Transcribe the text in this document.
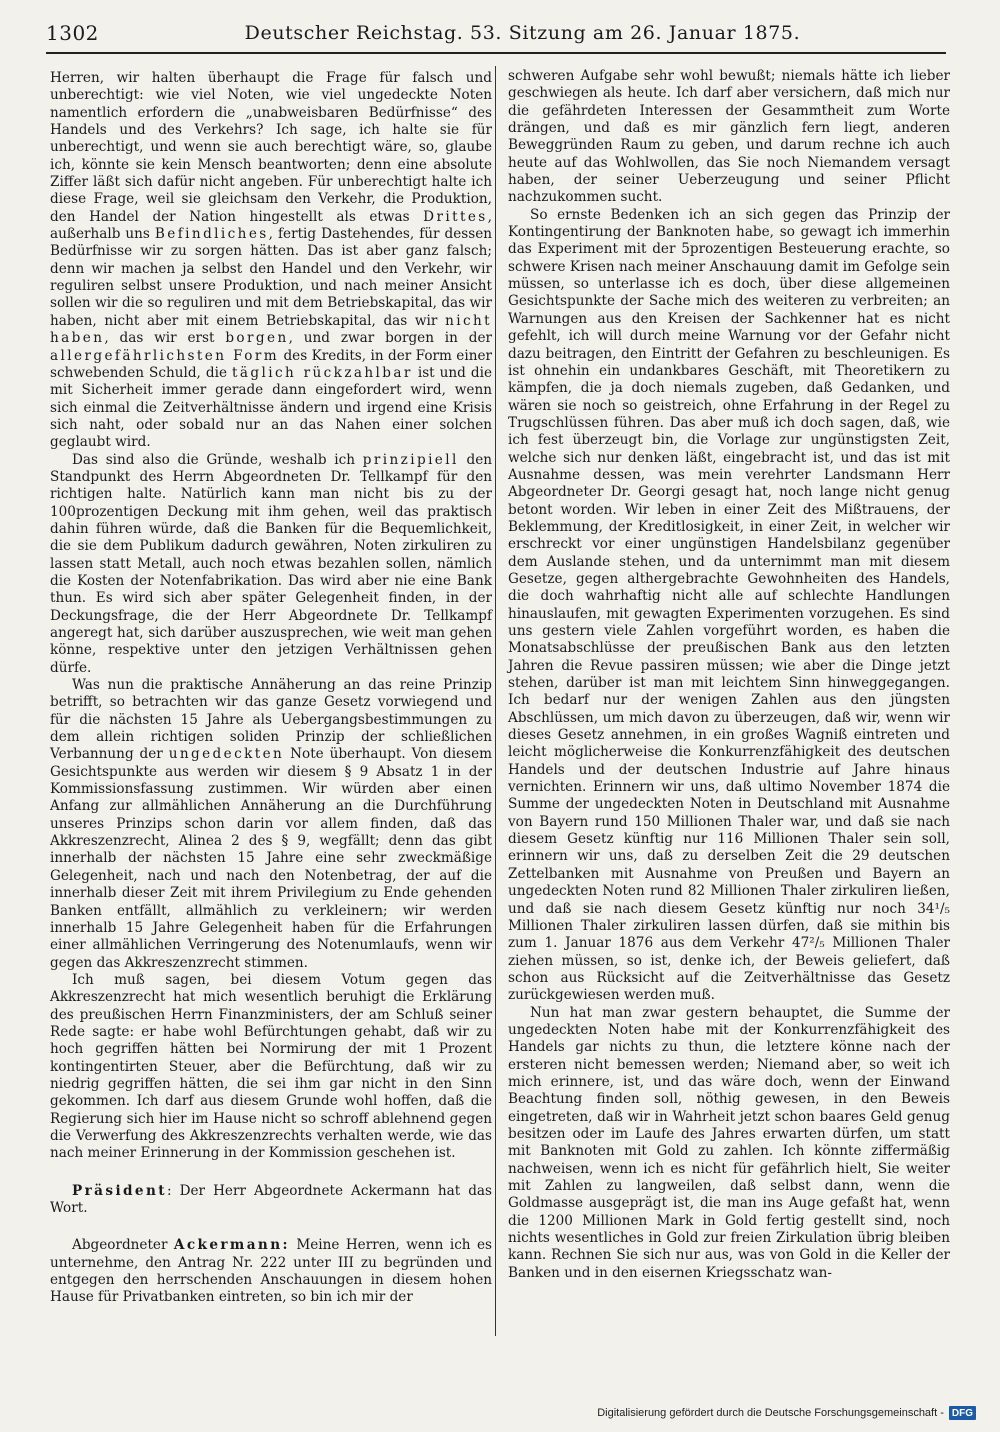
1302	Deutscher Reichstag. 53. Sitzung am 26. Januar 1875.

Herren, wir halten überhaupt die Frage für falsch und unberechtigt: wie viel Noten, wie viel ungedeckte Noten namentlich erfordern die „unabweisbaren Bedürfnisse“ des Handels und des Verkehrs? Ich sage, ich halte sie für unberechtigt, und wenn sie auch berechtigt wäre, so, glaube ich, könnte sie kein Mensch beantworten; denn eine absolute Ziffer läßt sich dafür nicht angeben. Für unberechtigt halte ich diese Frage, weil sie gleichsam den Verkehr, die Produktion, den Handel der Nation hingestellt als etwas Drittes, außerhalb uns Befindliches, fertig Dastehendes, für dessen Bedürfnisse wir zu sorgen hätten. Das ist aber ganz falsch; denn wir machen ja selbst den Handel und den Verkehr, wir reguliren selbst unsere Produktion, und nach meiner Ansicht sollen wir die so reguliren und mit dem Betriebskapital, das wir haben, nicht aber mit einem Betriebskapital, das wir nicht haben, das wir erst borgen, und zwar borgen in der allergefährlichsten Form des Kredits, in der Form einer schwebenden Schuld, die täglich rückzahlbar ist und die mit Sicherheit immer gerade dann eingefordert wird, wenn sich einmal die Zeitverhältnisse ändern und irgend eine Krisis sich naht, oder sobald nur an das Nahen einer solchen geglaubt wird.

Das sind also die Gründe, weshalb ich prinzipiell den Standpunkt des Herrn Abgeordneten Dr. Tellkampf für den richtigen halte. Natürlich kann man nicht bis zu der 100prozentigen Deckung mit ihm gehen, weil das praktisch dahin führen würde, daß die Banken für die Bequemlichkeit, die sie dem Publikum dadurch gewähren, Noten zirkuliren zu lassen statt Metall, auch noch etwas bezahlen sollen, nämlich die Kosten der Notenfabrikation. Das wird aber nie eine Bank thun. Es wird sich aber später Gelegenheit finden, in der Deckungsfrage, die der Herr Abgeordnete Dr. Tellkampf angeregt hat, sich darüber auszusprechen, wie weit man gehen könne, respektive unter den jetzigen Verhältnissen gehen dürfe.

Was nun die praktische Annäherung an das reine Prinzip betrifft, so betrachten wir das ganze Gesetz vorwiegend und für die nächsten 15 Jahre als Uebergangsbestimmungen zu dem allein richtigen soliden Prinzip der schließlichen Verbannung der ungedeckten Note überhaupt. Von diesem Gesichtspunkte aus werden wir diesem § 9 Absatz 1 in der Kommissionsfassung zustimmen. Wir würden aber einen Anfang zur allmählichen Annäherung an die Durchführung unseres Prinzips schon darin vor allem finden, daß das Akkreszenzrecht, Alinea 2 des § 9, wegfällt; denn das gibt innerhalb der nächsten 15 Jahre eine sehr zweckmäßige Gelegenheit, nach und nach den Notenbetrag, der auf die innerhalb dieser Zeit mit ihrem Privilegium zu Ende gehenden Banken entfällt, allmählich zu verkleinern; wir werden innerhalb 15 Jahre Gelegenheit haben für die Erfahrungen einer allmählichen Verringerung des Notenumlaufs, wenn wir gegen das Akkreszenzrecht stimmen.

Ich muß sagen, bei diesem Votum gegen das Akkreszenzrecht hat mich wesentlich beruhigt die Erklärung des preußischen Herrn Finanzministers, der am Schluß seiner Rede sagte: er habe wohl Befürchtungen gehabt, daß wir zu hoch gegriffen hätten bei Normirung der mit 1 Prozent kontingentirten Steuer, aber die Befürchtung, daß wir zu niedrig gegriffen hätten, die sei ihm gar nicht in den Sinn gekommen. Ich darf aus diesem Grunde wohl hoffen, daß die Regierung sich hier im Hause nicht so schroff ablehnend gegen die Verwerfung des Akkreszenzrechts verhalten werde, wie das nach meiner Erinnerung in der Kommission geschehen ist.

Präsident: Der Herr Abgeordnete Ackermann hat das Wort.

Abgeordneter Ackermann: Meine Herren, wenn ich es unternehme, den Antrag Nr. 222 unter III zu begründen und entgegen den herrschenden Anschauungen in diesem hohen Hause für Privatbanken eintreten, so bin ich mir der

schweren Aufgabe sehr wohl bewußt; niemals hätte ich lieber geschwiegen als heute. Ich darf aber versichern, daß mich nur die gefährdeten Interessen der Gesammtheit zum Worte drängen, und daß es mir gänzlich fern liegt, anderen Beweggründen Raum zu geben, und darum rechne ich auch heute auf das Wohlwollen, das Sie noch Niemandem versagt haben, der seiner Ueberzeugung und seiner Pflicht nachzukommen sucht.

So ernste Bedenken ich an sich gegen das Prinzip der Kontingentirung der Banknoten habe, so gewagt ich immerhin das Experiment mit der 5prozentigen Besteuerung erachte, so schwere Krisen nach meiner Anschauung damit im Gefolge sein müssen, so unterlasse ich es doch, über diese allgemeinen Gesichtspunkte der Sache mich des weiteren zu verbreiten; an Warnungen aus den Kreisen der Sachkenner hat es nicht gefehlt, ich will durch meine Warnung vor der Gefahr nicht dazu beitragen, den Eintritt der Gefahren zu beschleunigen. Es ist ohnehin ein undankbares Geschäft, mit Theoretikern zu kämpfen, die ja doch niemals zugeben, daß Gedanken, und wären sie noch so geistreich, ohne Erfahrung in der Regel zu Trugschlüssen führen. Das aber muß ich doch sagen, daß, wie ich fest überzeugt bin, die Vorlage zur ungünstigsten Zeit, welche sich nur denken läßt, eingebracht ist, und das ist mit Ausnahme dessen, was mein verehrter Landsmann Herr Abgeordneter Dr. Georgi gesagt hat, noch lange nicht genug betont worden. Wir leben in einer Zeit des Mißtrauens, der Beklemmung, der Kreditlosigkeit, in einer Zeit, in welcher wir erschreckt vor einer ungünstigen Handelsbilanz gegenüber dem Auslande stehen, und da unternimmt man mit diesem Gesetze, gegen althergebrachte Gewohnheiten des Handels, die doch wahrhaftig nicht alle auf schlechte Handlungen hinauslaufen, mit gewagten Experimenten vorzugehen. Es sind uns gestern viele Zahlen vorgeführt worden, es haben die Monatsabschlüsse der preußischen Bank aus den letzten Jahren die Revue passiren müssen; wie aber die Dinge jetzt stehen, darüber ist man mit leichtem Sinn hinweggegangen. Ich bedarf nur der wenigen Zahlen aus den jüngsten Abschlüssen, um mich davon zu überzeugen, daß wir, wenn wir dieses Gesetz annehmen, in ein großes Wagniß eintreten und leicht möglicherweise die Konkurrenzfähigkeit des deutschen Handels und der deutschen Industrie auf Jahre hinaus vernichten. Erinnern wir uns, daß ultimo November 1874 die Summe der ungedeckten Noten in Deutschland mit Ausnahme von Bayern rund 150 Millionen Thaler war, und daß sie nach diesem Gesetz künftig nur 116 Millionen Thaler sein soll, erinnern wir uns, daß zu derselben Zeit die 29 deutschen Zettelbanken mit Ausnahme von Preußen und Bayern an ungedeckten Noten rund 82 Millionen Thaler zirkuliren ließen, und daß sie nach diesem Gesetz künftig nur noch 34¹/₅ Millionen Thaler zirkuliren lassen dürfen, daß sie mithin bis zum 1. Januar 1876 aus dem Verkehr 47²/₅ Millionen Thaler ziehen müssen, so ist, denke ich, der Beweis geliefert, daß schon aus Rücksicht auf die Zeitverhältnisse das Gesetz zurückgewiesen werden muß.

Nun hat man zwar gestern behauptet, die Summe der ungedeckten Noten habe mit der Konkurrenzfähigkeit des Handels gar nichts zu thun, die letztere könne nach der ersteren nicht bemessen werden; Niemand aber, so weit ich mich erinnere, ist, und das wäre doch, wenn der Einwand Beachtung finden soll, nöthig gewesen, in den Beweis eingetreten, daß wir in Wahrheit jetzt schon baares Geld genug besitzen oder im Laufe des Jahres erwarten dürfen, um statt mit Banknoten mit Gold zu zahlen. Ich könnte ziffermäßig nachweisen, wenn ich es nicht für gefährlich hielt, Sie weiter mit Zahlen zu langweilen, daß selbst dann, wenn die Goldmasse ausgeprägt ist, die man ins Auge gefaßt hat, wenn die 1200 Millionen Mark in Gold fertig gestellt sind, noch nichts wesentliches in Gold zur freien Zirkulation übrig bleiben kann. Rechnen Sie sich nur aus, was von Gold in die Keller der Banken und in den eisernen Kriegsschatz wan-

Digitalisierung gefördert durch die Deutsche Forschungsgemeinschaft - DFG
